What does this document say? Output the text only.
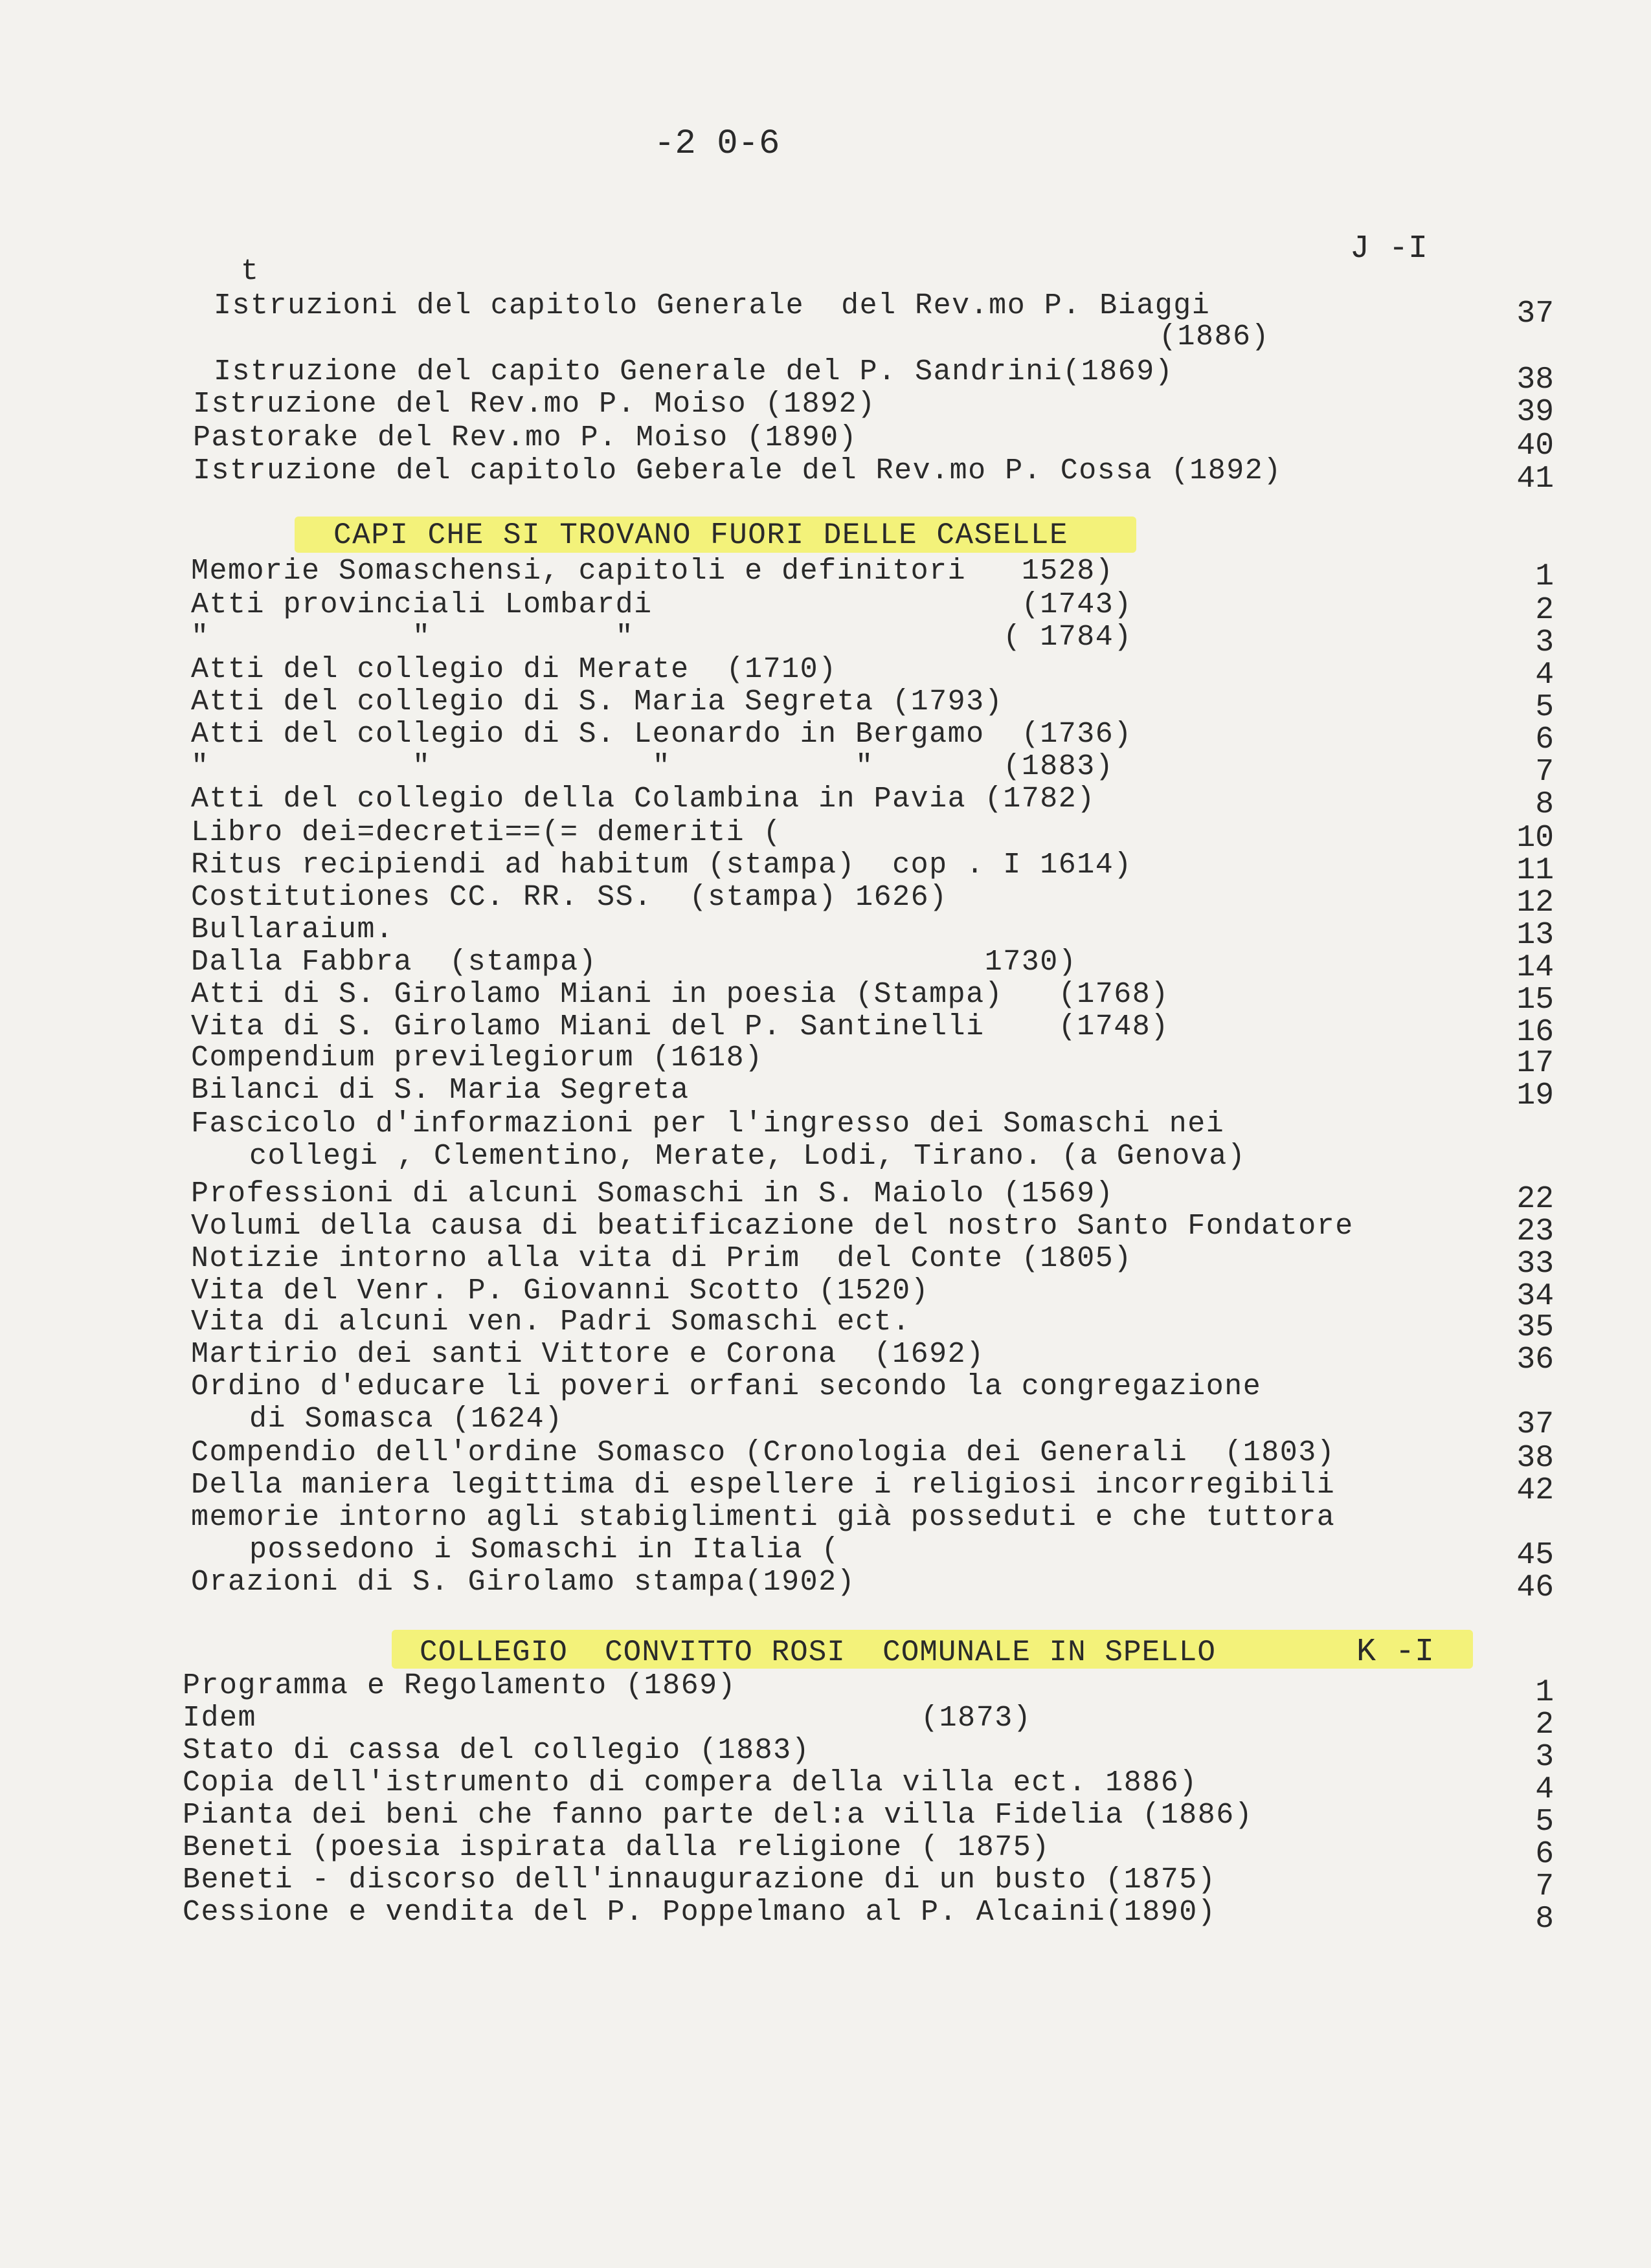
-2 0-6
J -I
t
Istruzioni del capitolo Generale  del Rev.mo P. Biaggi	37
(1886)
Istruzione del capito Generale del P. Sandrini(1869)	38
Istruzione del Rev.mo P. Moiso (1892)	39
Pastorake del Rev.mo P. Moiso (1890)	40
Istruzione del capitolo Geberale del Rev.mo P. Cossa (1892)	41
CAPI CHE SI TROVANO FUORI DELLE CASELLE
Memorie Somaschensi, capitoli e definitori   1528)	1
Atti provinciali Lombardi                    (1743)	2
"           "          "                    ( 1784)	3
Atti del collegio di Merate  (1710)	4
Atti del collegio di S. Maria Segreta (1793)	5
Atti del collegio di S. Leonardo in Bergamo  (1736)	6
"           "            "          "       (1883)	7
Atti del collegio della Colambina in Pavia (1782)	8
Libro dei=decreti==(= demeriti (	10
Ritus recipiendi ad habitum (stampa)  cop . I 1614)	11
Costitutiones CC. RR. SS.  (stampa) 1626)	12
Bullaraium.	13
Dalla Fabbra  (stampa)                     1730)	14
Atti di S. Girolamo Miani in poesia (Stampa)   (1768)	15
Vita di S. Girolamo Miani del P. Santinelli    (1748)	16
Compendium previlegiorum (1618)	17
Bilanci di S. Maria Segreta	19
Fascicolo d'informazioni per l'ingresso dei Somaschi nei
collegi , Clementino, Merate, Lodi, Tirano. (a Genova)
Professioni di alcuni Somaschi in S. Maiolo (1569)	22
Volumi della causa di beatificazione del nostro Santo Fondatore	23
Notizie intorno alla vita di Prim  del Conte (1805)	33
Vita del Venr. P. Giovanni Scotto (1520)	34
Vita di alcuni ven. Padri Somaschi ect.	35
Martirio dei santi Vittore e Corona  (1692)	36
Ordino d'educare li poveri orfani secondo la congregazione
di Somasca (1624)	37
Compendio dell'ordine Somasco (Cronologia dei Generali  (1803)	38
Della maniera legittima di espellere i religiosi incorregibili	42
memorie intorno agli stabiglimenti già posseduti e che tuttora
possedono i Somaschi in Italia (	45
Orazioni di S. Girolamo stampa(1902)	46
COLLEGIO  CONVITTO ROSI  COMUNALE IN SPELLO	K -I
Programma e Regolamento (1869)	1
Idem                                    (1873)	2
Stato di cassa del collegio (1883)	3
Copia dell'istrumento di compera della villa ect. 1886)	4
Pianta dei beni che fanno parte del:a villa Fidelia (1886)	5
Beneti (poesia ispirata dalla religione ( 1875)	6
Beneti - discorso dell'innaugurazione di un busto (1875)	7
Cessione e vendita del P. Poppelmano al P. Alcaini(1890)	8
